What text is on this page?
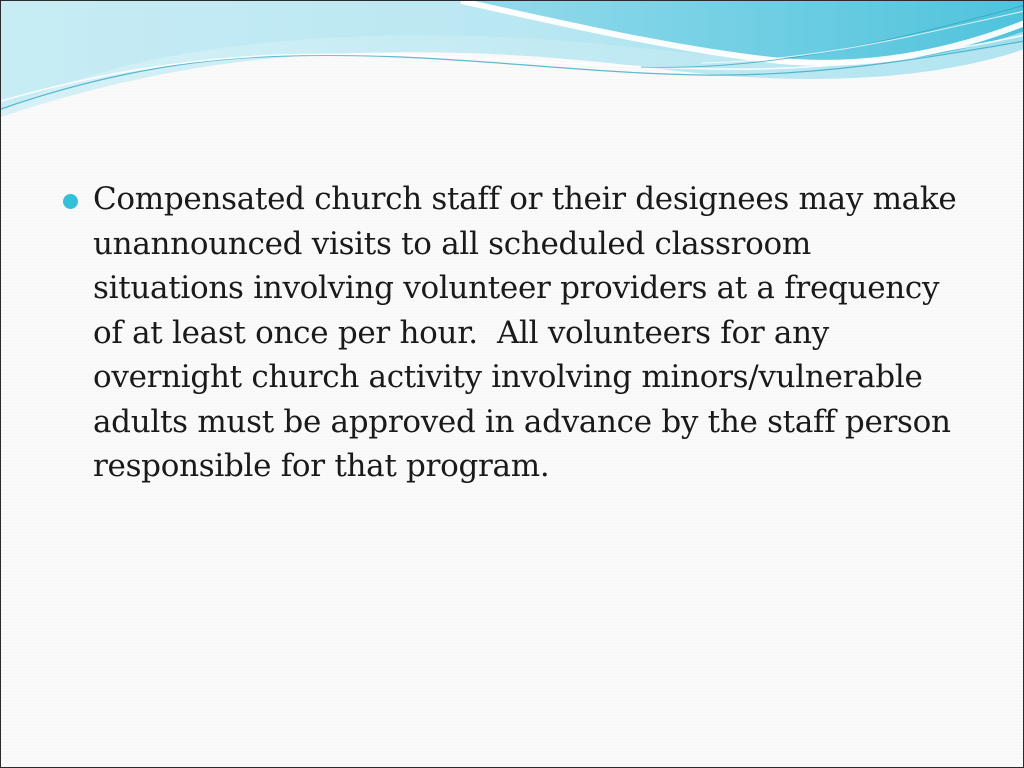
Compensated church staff or their designees may make unannounced visits to all scheduled classroom situations involving volunteer providers at a frequency of at least once per hour.  All volunteers for any overnight church activity involving minors/vulnerable adults must be approved in advance by the staff person responsible for that program.
